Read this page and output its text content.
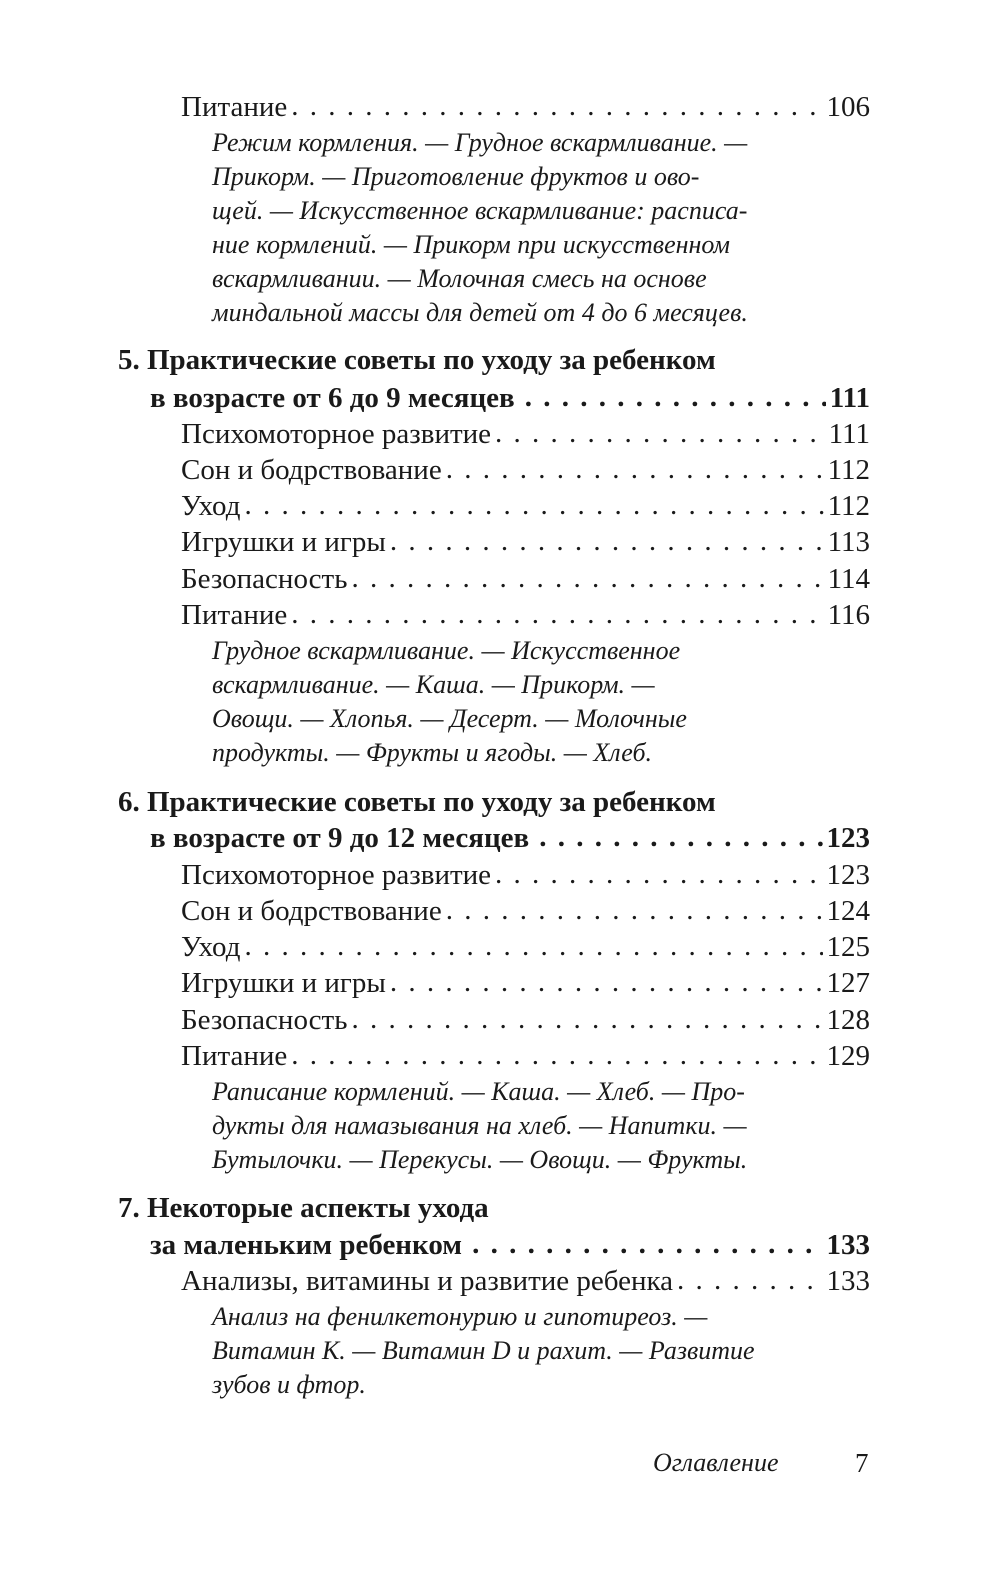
Питание . . .	106
Режим кормления. — Грудное вскармливание. —
Прикорм. — Приготовление фруктов и ово-
щей. — Искусственное вскармливание: расписа-
ние кормлений. — Прикорм при искусственном
вскармливании. — Молочная смесь на основе
миндальной массы для детей от 4 до 6 месяцев.
5. Практические советы по уходу за ребенком
в возрасте от 6 до 9 месяцев . . .	111
Психомоторное развитие . . .	111
Сон и бодрствование . . .	112
Уход . . .	112
Игрушки и игры . . .	113
Безопасность . . .	114
Питание . . .	116
Грудное вскармливание. — Искусственное
вскармливание. — Каша. — Прикорм. —
Овощи. — Хлопья. — Десерт. — Молочные
продукты. — Фрукты и ягоды. — Хлеб.
6. Практические советы по уходу за ребенком
в возрасте от 9 до 12 месяцев . . .	123
Психомоторное развитие . . .	123
Сон и бодрствование . . .	124
Уход . . .	125
Игрушки и игры . . .	127
Безопасность . . .	128
Питание . . .	129
Раписание кормлений. — Каша. — Хлеб. — Про-
дукты для намазывания на хлеб. — Напитки. —
Бутылочки. — Перекусы. — Овощи. — Фрукты.
7. Некоторые аспекты ухода
за маленьким ребенком . . .	133
Анализы, витамины и развитие ребенка . . .	133
Анализ на фенилкетонурию и гипотиреоз. —
Витамин K. — Витамин D и рахит. — Развитие
зубов и фтор.
Оглавление	7
